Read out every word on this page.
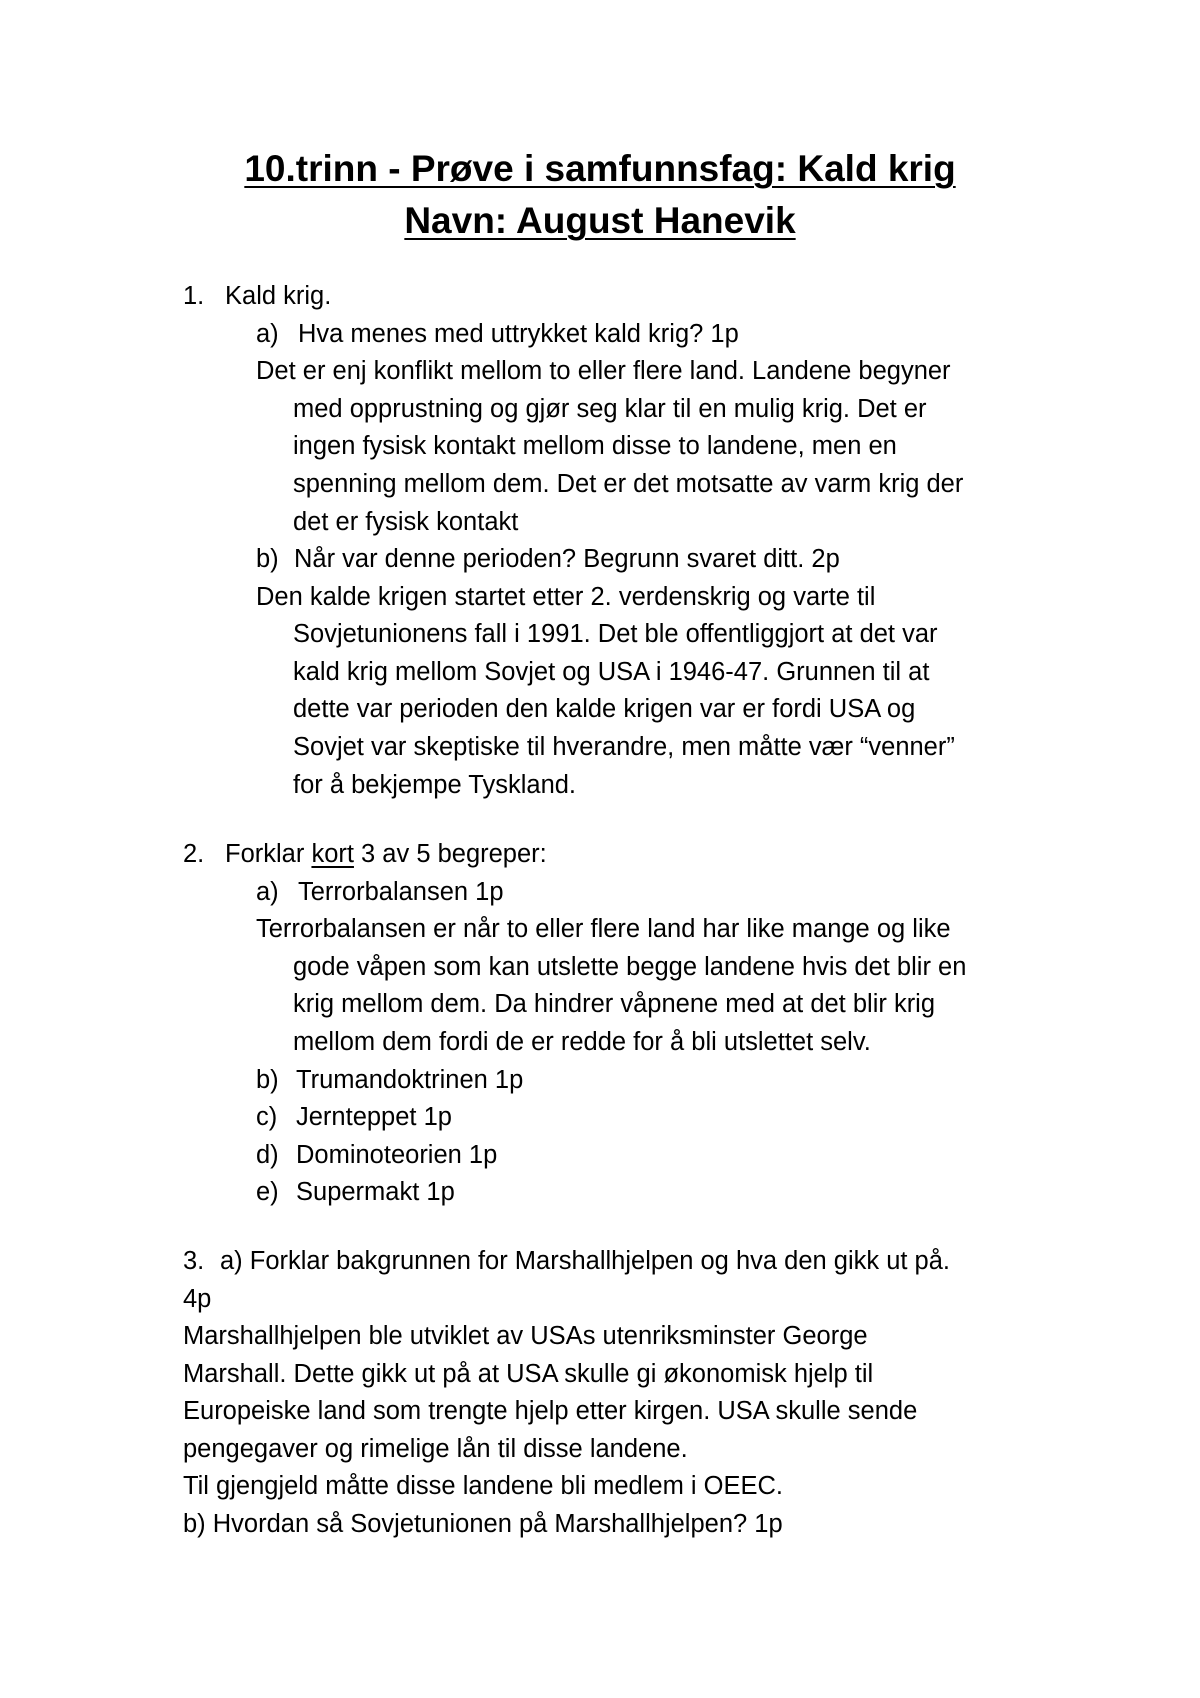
10.trinn - Prøve i samfunnsfag: Kald krig
Navn: August Hanevik
1. Kald krig.
a) Hva menes med uttrykket kald krig? 1p
Det er enj konflikt mellom to eller flere land. Landene begyner
med opprustning og gjør seg klar til en mulig krig. Det er
ingen fysisk kontakt mellom disse to landene, men en
spenning mellom dem. Det er det motsatte av varm krig der
det er fysisk kontakt
b) Når var denne perioden? Begrunn svaret ditt. 2p
Den kalde krigen startet etter 2. verdenskrig og varte til
Sovjetunionens fall i 1991. Det ble offentliggjort at det var
kald krig mellom Sovjet og USA i 1946-47. Grunnen til at
dette var perioden den kalde krigen var er fordi USA og
Sovjet var skeptiske til hverandre, men måtte vær “venner”
for å bekjempe Tyskland.
2. Forklar kort 3 av 5 begreper:
a) Terrorbalansen 1p
Terrorbalansen er når to eller flere land har like mange og like
gode våpen som kan utslette begge landene hvis det blir en
krig mellom dem. Da hindrer våpnene med at det blir krig
mellom dem fordi de er redde for å bli utslettet selv.
b) Trumandoktrinen 1p
c) Jernteppet 1p
d) Dominoteorien 1p
e) Supermakt 1p
3. a) Forklar bakgrunnen for Marshallhjelpen og hva den gikk ut på.
4p
Marshallhjelpen ble utviklet av USAs utenriksminster George
Marshall. Dette gikk ut på at USA skulle gi økonomisk hjelp til
Europeiske land som trengte hjelp etter kirgen. USA skulle sende
pengegaver og rimelige lån til disse landene.
Til gjengjeld måtte disse landene bli medlem i OEEC.
b) Hvordan så Sovjetunionen på Marshallhjelpen? 1p
